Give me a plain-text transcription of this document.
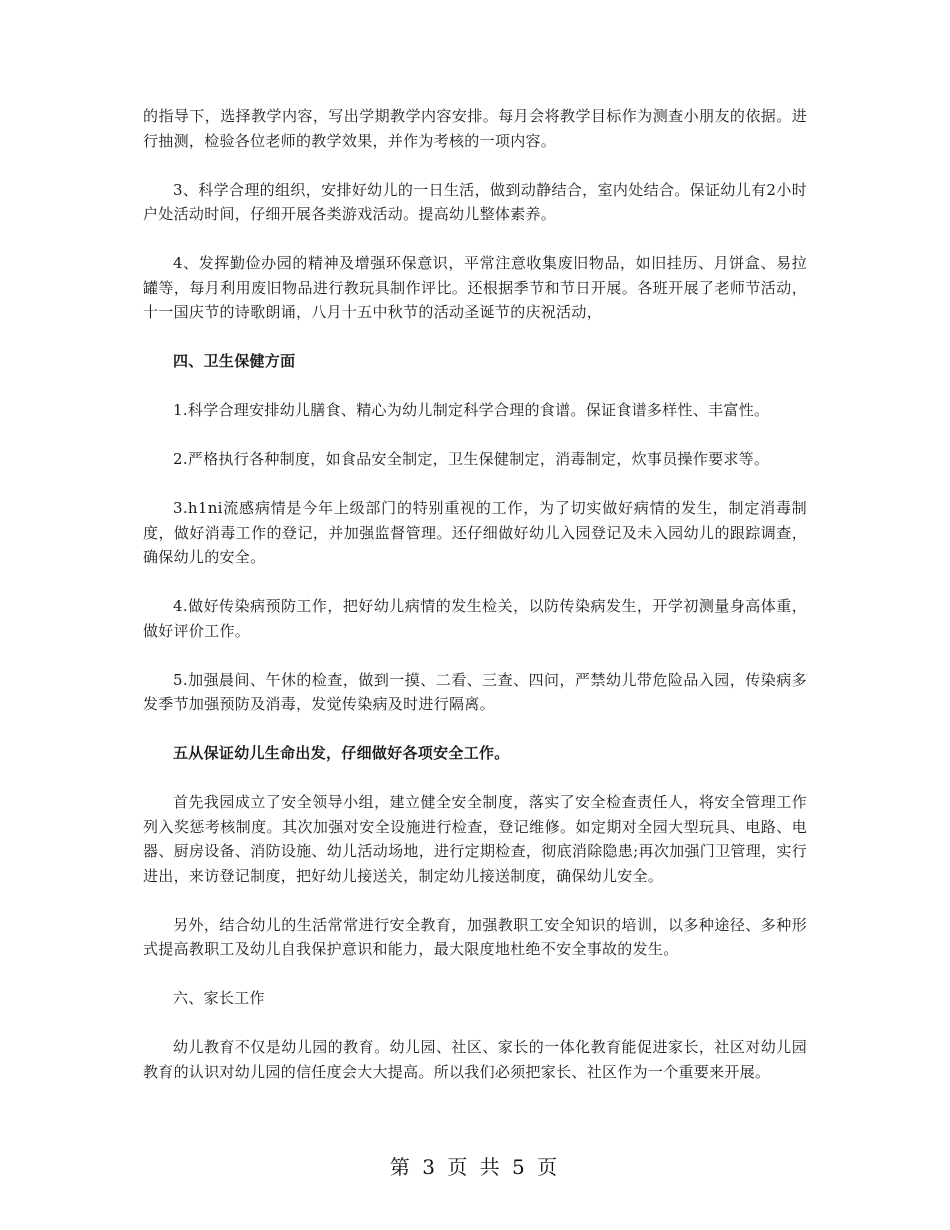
的指导下，选择教学内容，写出学期教学内容安排。每月会将教学目标作为测查小朋友的依据。进行抽测，检验各位老师的教学效果，并作为考核的一项内容。

3、科学合理的组织，安排好幼儿的一日生活，做到动静结合，室内处结合。保证幼儿有2小时户处活动时间，仔细开展各类游戏活动。提高幼儿整体素养。

4、发挥勤俭办园的精神及增强环保意识，平常注意收集废旧物品，如旧挂历、月饼盒、易拉罐等，每月利用废旧物品进行教玩具制作评比。还根据季节和节日开展。各班开展了老师节活动，十一国庆节的诗歌朗诵，八月十五中秋节的活动圣诞节的庆祝活动，

四、卫生保健方面

1.科学合理安排幼儿膳食、精心为幼儿制定科学合理的食谱。保证食谱多样性、丰富性。

2.严格执行各种制度，如食品安全制定，卫生保健制定，消毒制定，炊事员操作要求等。

3.h1ni流感病情是今年上级部门的特别重视的工作，为了切实做好病情的发生，制定消毒制度，做好消毒工作的登记，并加强监督管理。还仔细做好幼儿入园登记及未入园幼儿的跟踪调查，确保幼儿的安全。

4.做好传染病预防工作，把好幼儿病情的发生检关，以防传染病发生，开学初测量身高体重，做好评价工作。

5.加强晨间、午休的检查，做到一摸、二看、三查、四问，严禁幼儿带危险品入园，传染病多发季节加强预防及消毒，发觉传染病及时进行隔离。

五从保证幼儿生命出发，仔细做好各项安全工作。

首先我园成立了安全领导小组，建立健全安全制度，落实了安全检查责任人，将安全管理工作列入奖惩考核制度。其次加强对安全设施进行检查，登记维修。如定期对全园大型玩具、电路、电器、厨房设备、消防设施、幼儿活动场地，进行定期检查，彻底消除隐患;再次加强门卫管理，实行进出，来访登记制度，把好幼儿接送关，制定幼儿接送制度，确保幼儿安全。

另外，结合幼儿的生活常常进行安全教育，加强教职工安全知识的培训，以多种途径、多种形式提高教职工及幼儿自我保护意识和能力，最大限度地杜绝不安全事故的发生。

六、家长工作

幼儿教育不仅是幼儿园的教育。幼儿园、社区、家长的一体化教育能促进家长，社区对幼儿园教育的认识对幼儿园的信任度会大大提高。所以我们必须把家长、社区作为一个重要来开展。

第 3 页 共 5 页
